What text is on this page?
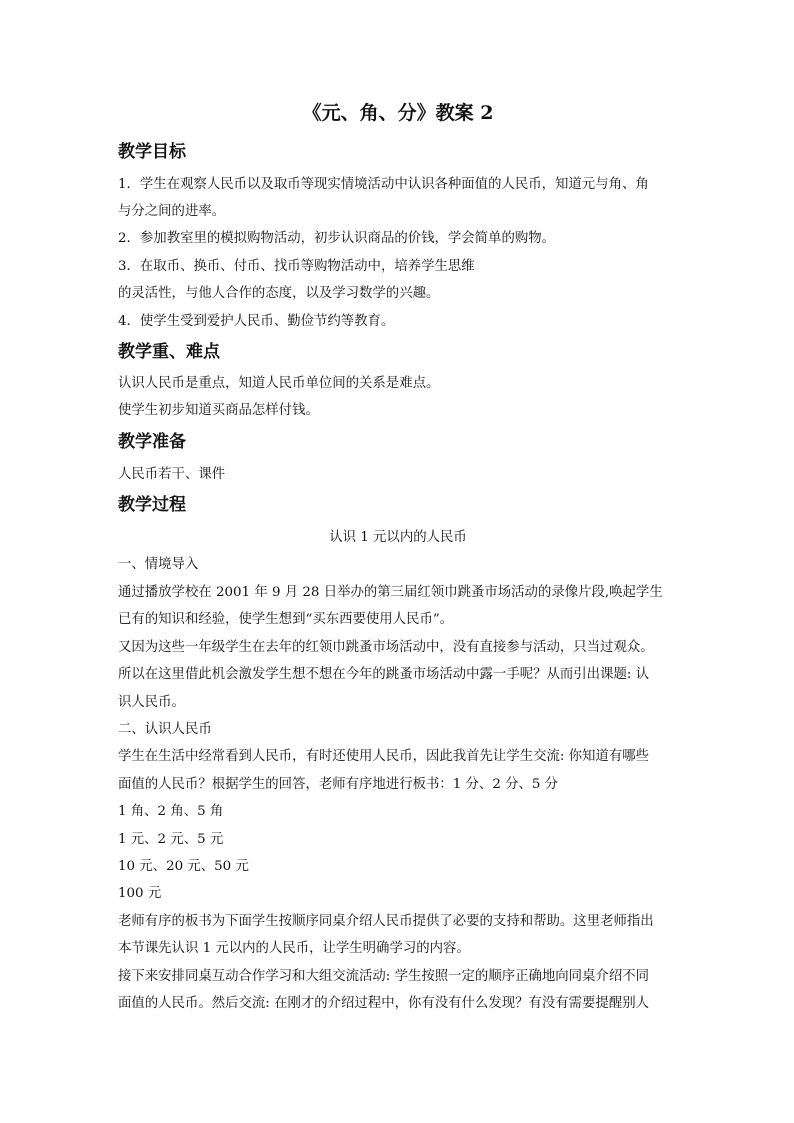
《元、角、分》教案 2
教学目标

1．学生在观察人民币以及取币等现实情境活动中认识各种面值的人民币，知道元与角、角

与分之间的进率。

2．参加教室里的模拟购物活动，初步认识商品的价钱，学会简单的购物。

3．在取币、换币、付币、找币等购物活动中，培养学生思维

的灵活性，与他人合作的态度，以及学习数学的兴趣。

4．使学生受到爱护人民币、勤俭节约等教育。

教学重、难点

认识人民币是重点，知道人民币单位间的关系是难点。

使学生初步知道买商品怎样付钱。

教学准备

人民币若干、课件

教学过程

认识 1 元以内的人民币

一、情境导入

通过播放学校在 2001 年 9 月 28 日举办的第三届红领巾跳蚤市场活动的录像片段,唤起学生

已有的知识和经验，使学生想到“买东西要使用人民币”。

又因为这些一年级学生在去年的红领巾跳蚤市场活动中，没有直接参与活动，只当过观众。

所以在这里借此机会激发学生想不想在今年的跳蚤市场活动中露一手呢？从而引出课题: 认

识人民币。

二、认识人民币

学生在生活中经常看到人民币，有时还使用人民币，因此我首先让学生交流: 你知道有哪些

面值的人民币？根据学生的回答，老师有序地进行板书：1 分、2 分、5 分

1 角、2 角、5 角

1 元、2 元、5 元

10 元、20 元、50 元

100 元

老师有序的板书为下面学生按顺序同桌介绍人民币提供了必要的支持和帮助。这里老师指出

本节课先认识 1 元以内的人民币，让学生明确学习的内容。

接下来安排同桌互动合作学习和大组交流活动: 学生按照一定的顺序正确地向同桌介绍不同

面值的人民币。然后交流: 在刚才的介绍过程中，你有没有什么发现？有没有需要提醒别人
